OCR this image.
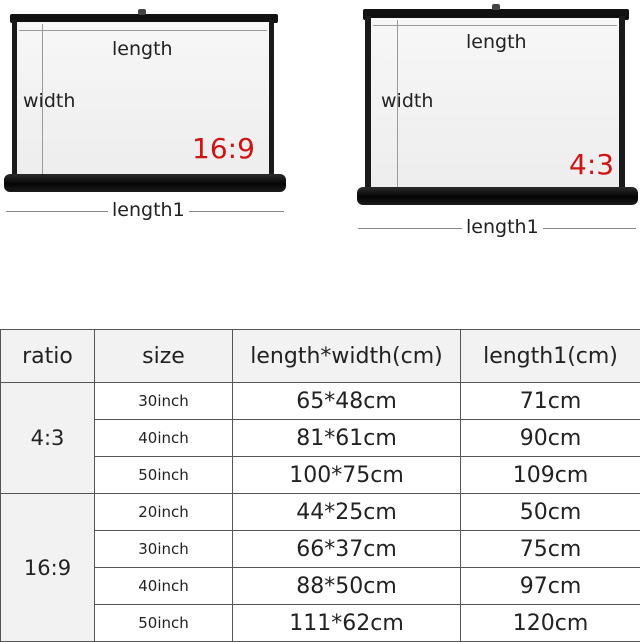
length
width
16:9
length1
length
width
4:3
length1
ratio	size	length*width(cm)	length1(cm)
4:3	30inch	65*48cm	71cm
	40inch	81*61cm	90cm
	50inch	100*75cm	109cm
16:9	20inch	44*25cm	50cm
	30inch	66*37cm	75cm
	40inch	88*50cm	97cm
	50inch	111*62cm	120cm
